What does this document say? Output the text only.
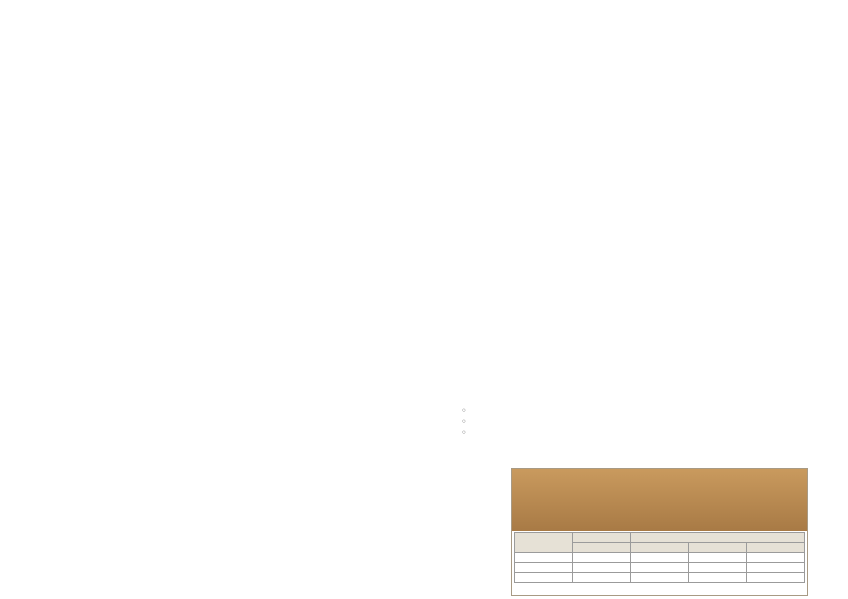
○

○

○
